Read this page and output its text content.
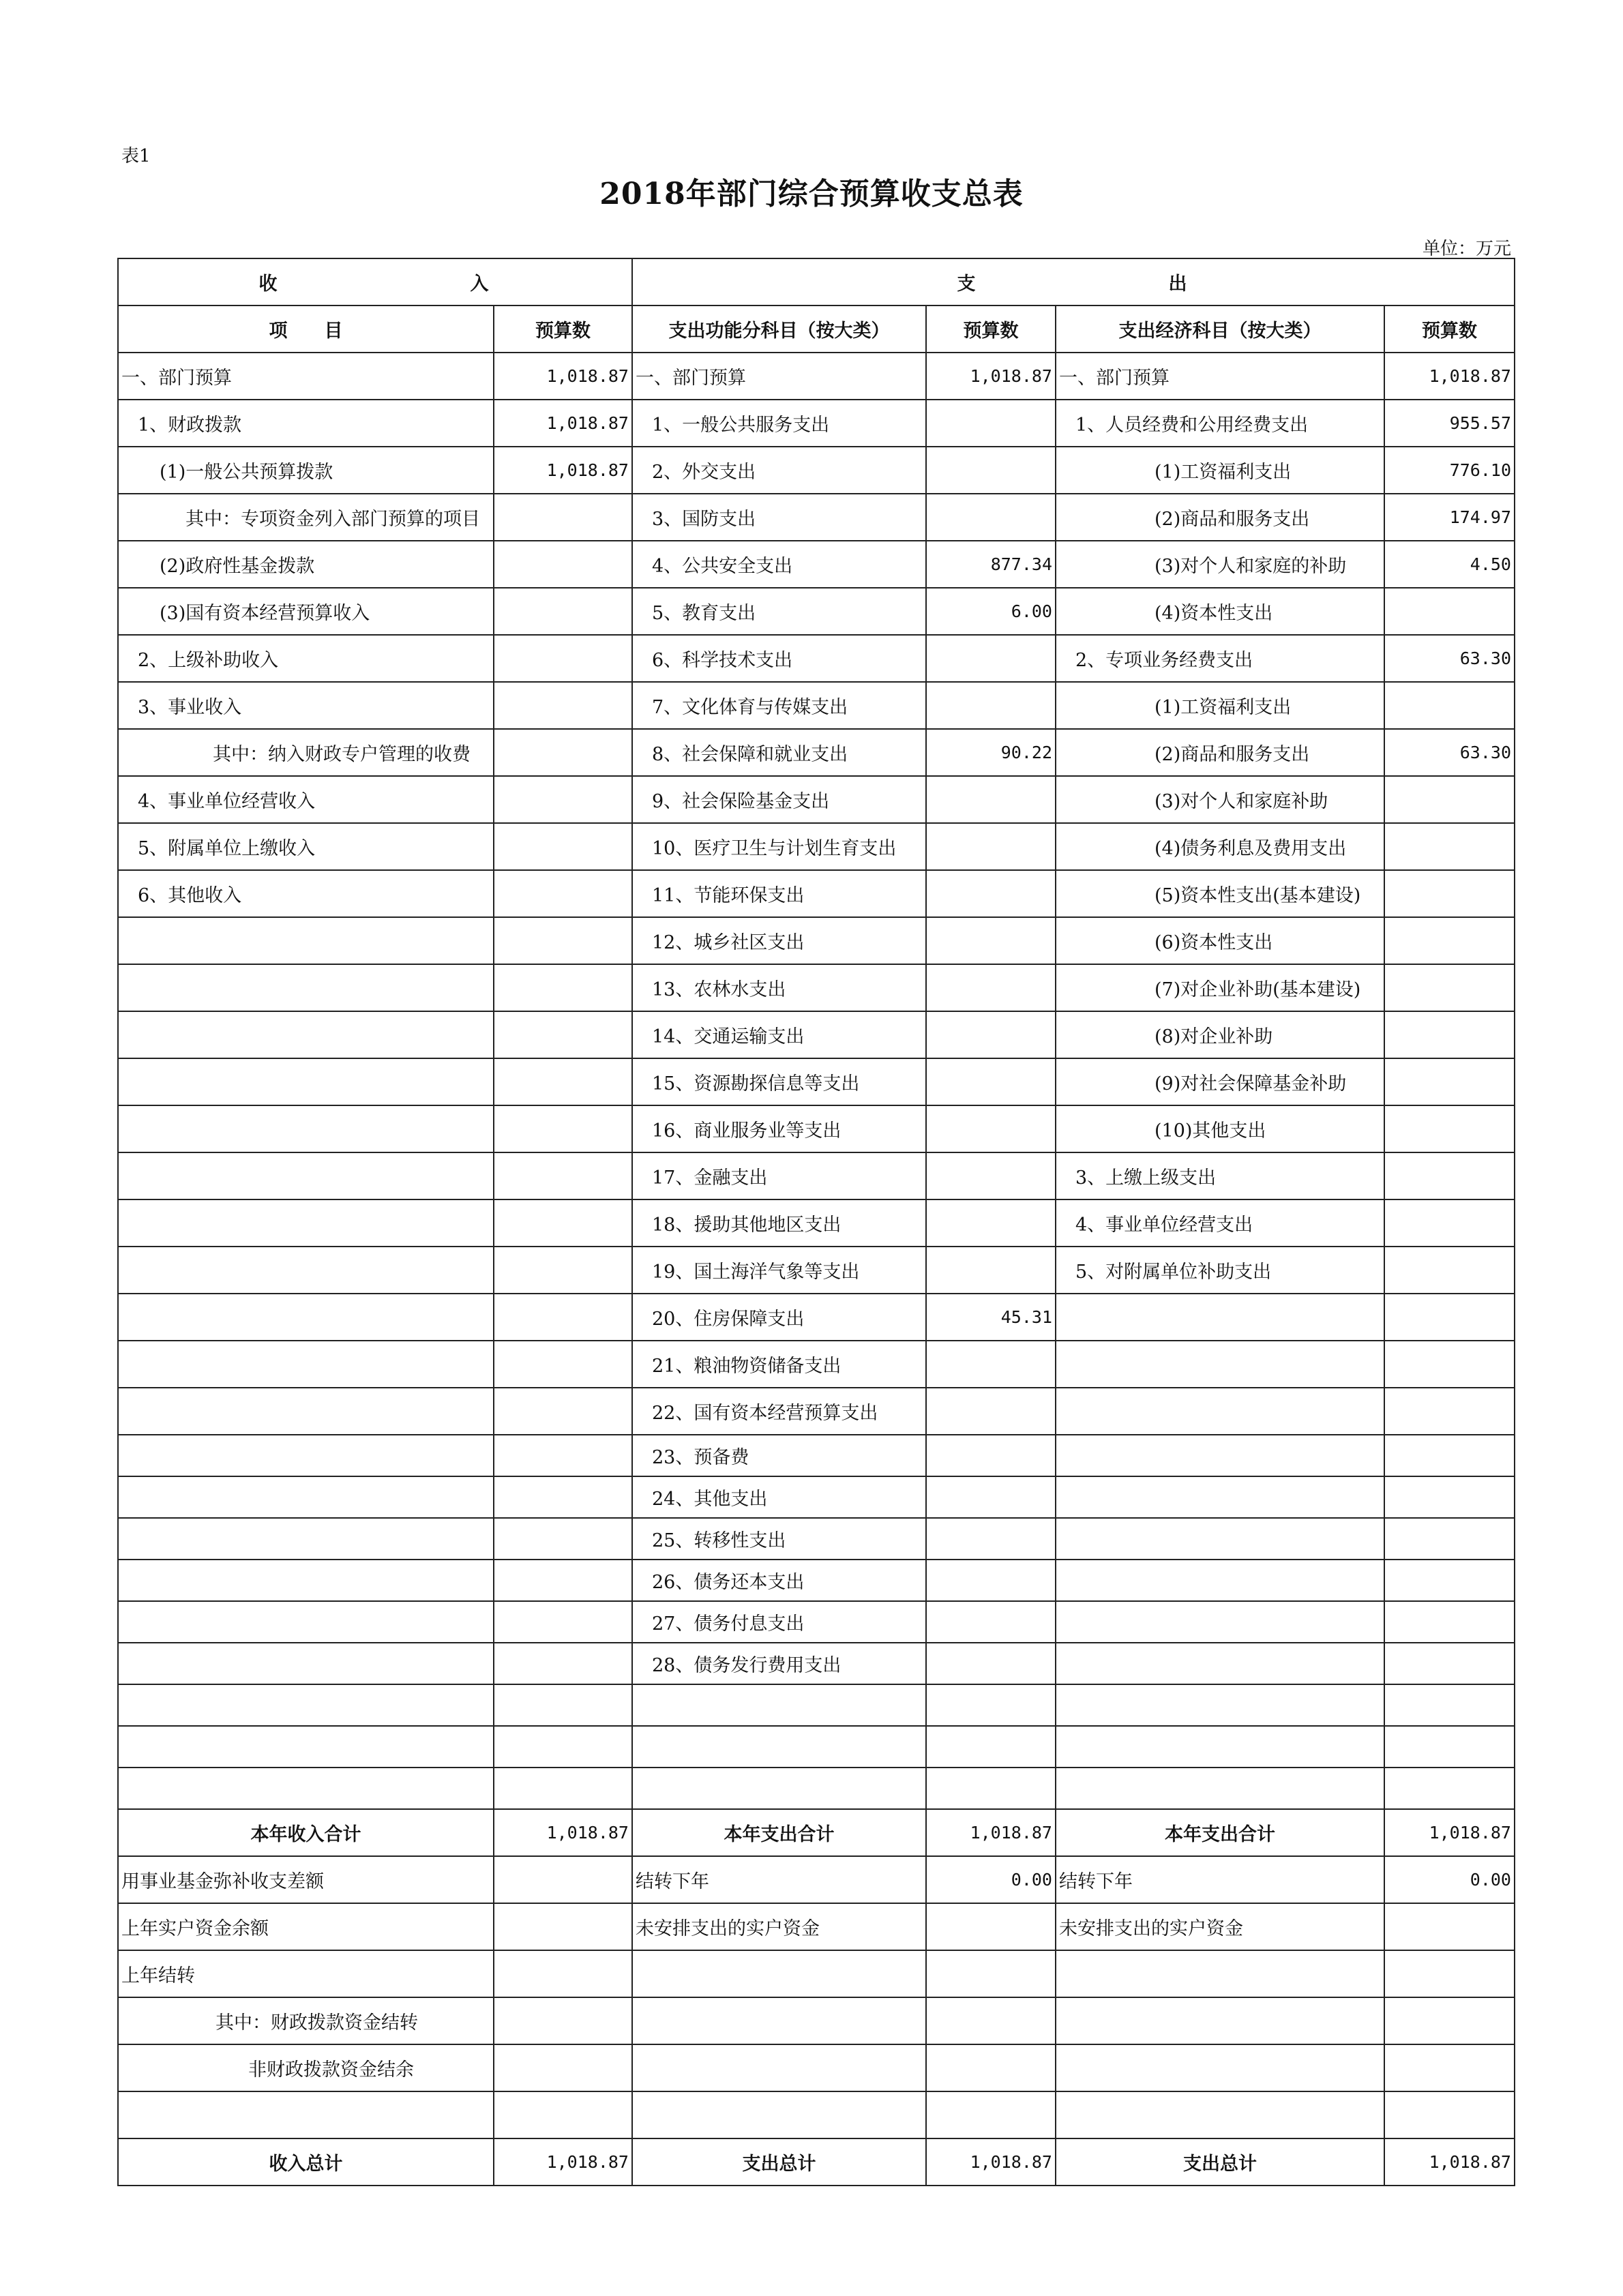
表1
2018年部门综合预算收支总表
单位：万元
收　　　　　　　　　入		支　　　　　　　　　出			
项　　目	预算数	支出功能分科目（按大类）	预算数	支出经济科目（按大类）	预算数
一、部门预算	1,018.87	一、部门预算	1,018.87	一、部门预算	1,018.87
1、财政拨款	1,018.87	1、一般公共服务支出		1、人员经费和公用经费支出	955.57
(1)一般公共预算拨款	1,018.87	2、外交支出		(1)工资福利支出	776.10
其中：专项资金列入部门预算的项目		3、国防支出		(2)商品和服务支出	174.97
(2)政府性基金拨款		4、公共安全支出	877.34	(3)对个人和家庭的补助	4.50
(3)国有资本经营预算收入		5、教育支出	6.00	(4)资本性支出	
2、上级补助收入		6、科学技术支出		2、专项业务经费支出	63.30
3、事业收入		7、文化体育与传媒支出		(1)工资福利支出	
其中：纳入财政专户管理的收费		8、社会保障和就业支出	90.22	(2)商品和服务支出	63.30
4、事业单位经营收入		9、社会保险基金支出		(3)对个人和家庭补助	
5、附属单位上缴收入		10、医疗卫生与计划生育支出		(4)债务利息及费用支出	
6、其他收入		11、节能环保支出		(5)资本性支出(基本建设)	
		12、城乡社区支出		(6)资本性支出	
		13、农林水支出		(7)对企业补助(基本建设)	
		14、交通运输支出		(8)对企业补助	
		15、资源勘探信息等支出		(9)对社会保障基金补助	
		16、商业服务业等支出		(10)其他支出	
		17、金融支出		3、上缴上级支出	
		18、援助其他地区支出		4、事业单位经营支出	
		19、国土海洋气象等支出		5、对附属单位补助支出	
		20、住房保障支出	45.31		
		21、粮油物资储备支出			
		22、国有资本经营预算支出			
		23、预备费			
		24、其他支出			
		25、转移性支出			
		26、债务还本支出			
		27、债务付息支出			
		28、债务发行费用支出			

本年收入合计	1,018.87	本年支出合计	1,018.87	本年支出合计	1,018.87
用事业基金弥补收支差额		结转下年	0.00	结转下年	0.00
上年实户资金余额		未安排支出的实户资金		未安排支出的实户资金	
上年结转					
其中：财政拨款资金结转					
非财政拨款资金结余					

收入总计	1,018.87	支出总计	1,018.87	支出总计	1,018.87
